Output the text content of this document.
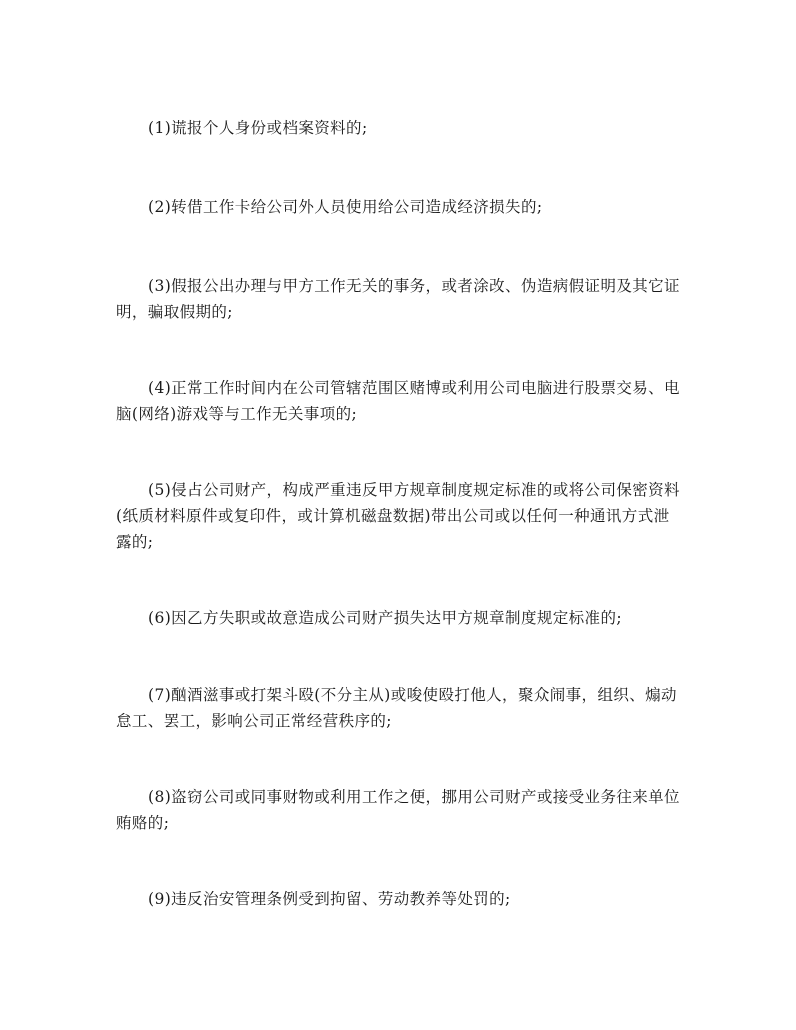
(1)谎报个人身份或档案资料的;

(2)转借工作卡给公司外人员使用给公司造成经济损失的;

(3)假报公出办理与甲方工作无关的事务，或者涂改、伪造病假证明及其它证明，骗取假期的;

(4)正常工作时间内在公司管辖范围区赌博或利用公司电脑进行股票交易、电脑(网络)游戏等与工作无关事项的;

(5)侵占公司财产，构成严重违反甲方规章制度规定标准的或将公司保密资料(纸质材料原件或复印件，或计算机磁盘数据)带出公司或以任何一种通讯方式泄露的;

(6)因乙方失职或故意造成公司财产损失达甲方规章制度规定标准的;

(7)酗酒滋事或打架斗殴(不分主从)或唆使殴打他人，聚众闹事，组织、煽动怠工、罢工，影响公司正常经营秩序的;

(8)盗窃公司或同事财物或利用工作之便，挪用公司财产或接受业务往来单位贿赂的;

(9)违反治安管理条例受到拘留、劳动教养等处罚的;
